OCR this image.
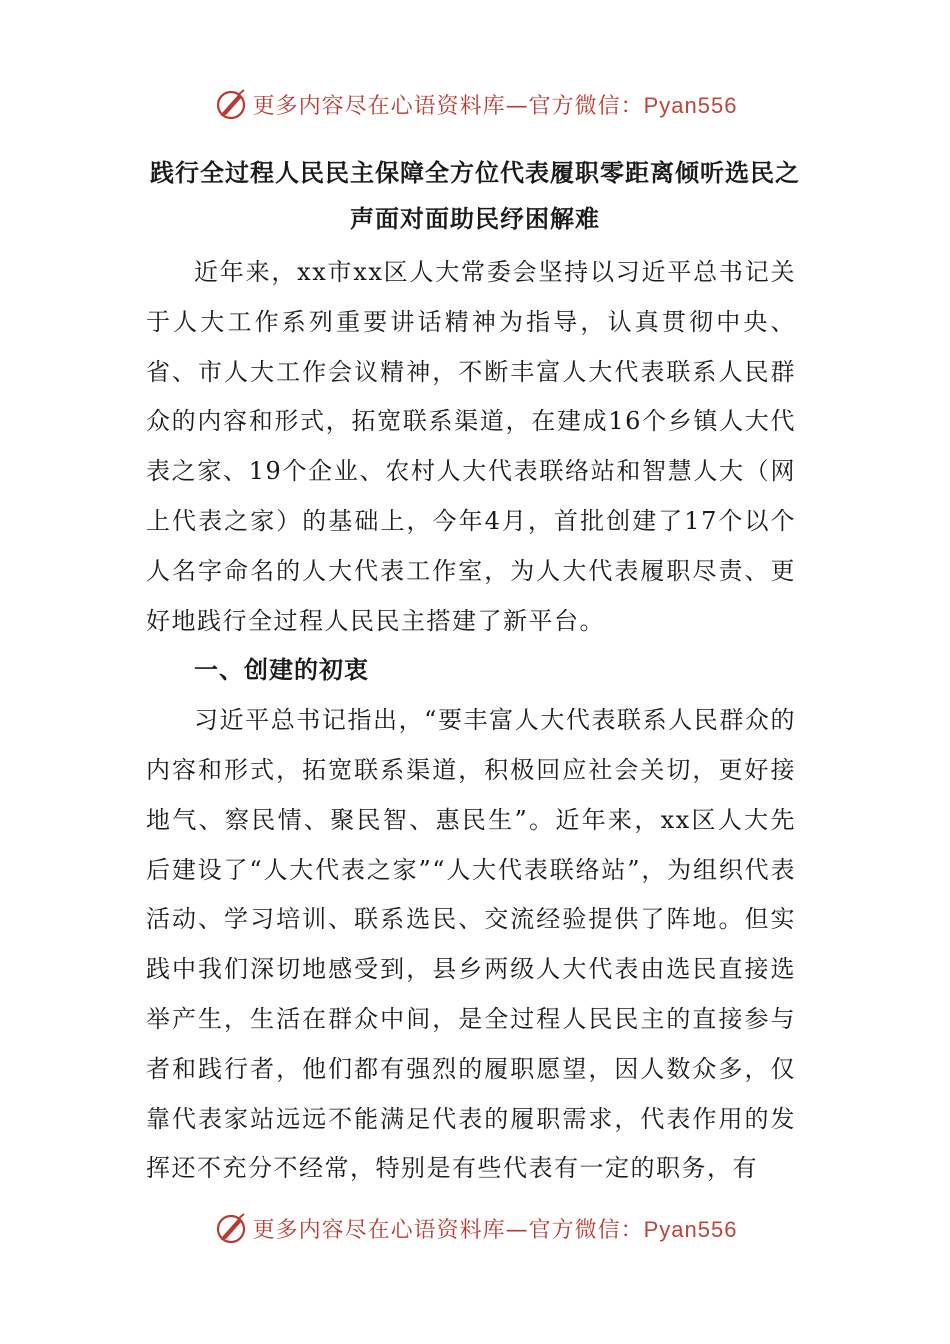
更多内容尽在心语资料库—官方微信：Pyan556
践行全过程人民民主保障全方位代表履职零距离倾听选民之声面对面助民纾困解难

近年来，xx市xx区人大常委会坚持以习近平总书记关于人大工作系列重要讲话精神为指导，认真贯彻中央、省、市人大工作会议精神，不断丰富人大代表联系人民群众的内容和形式，拓宽联系渠道，在建成16个乡镇人大代表之家、19个企业、农村人大代表联络站和智慧人大（网上代表之家）的基础上，今年4月，首批创建了17个以个人名字命名的人大代表工作室，为人大代表履职尽责、更好地践行全过程人民民主搭建了新平台。

一、创建的初衷

习近平总书记指出，“要丰富人大代表联系人民群众的内容和形式，拓宽联系渠道，积极回应社会关切，更好接地气、察民情、聚民智、惠民生”。近年来，xx区人大先后建设了“人大代表之家”“人大代表联络站”，为组织代表活动、学习培训、联系选民、交流经验提供了阵地。但实践中我们深切地感受到，县乡两级人大代表由选民直接选举产生，生活在群众中间，是全过程人民民主的直接参与者和践行者，他们都有强烈的履职愿望，因人数众多，仅靠代表家站远远不能满足代表的履职需求，代表作用的发挥还不充分不经常，特别是有些代表有一定的职务，有

更多内容尽在心语资料库—官方微信：Pyan556
